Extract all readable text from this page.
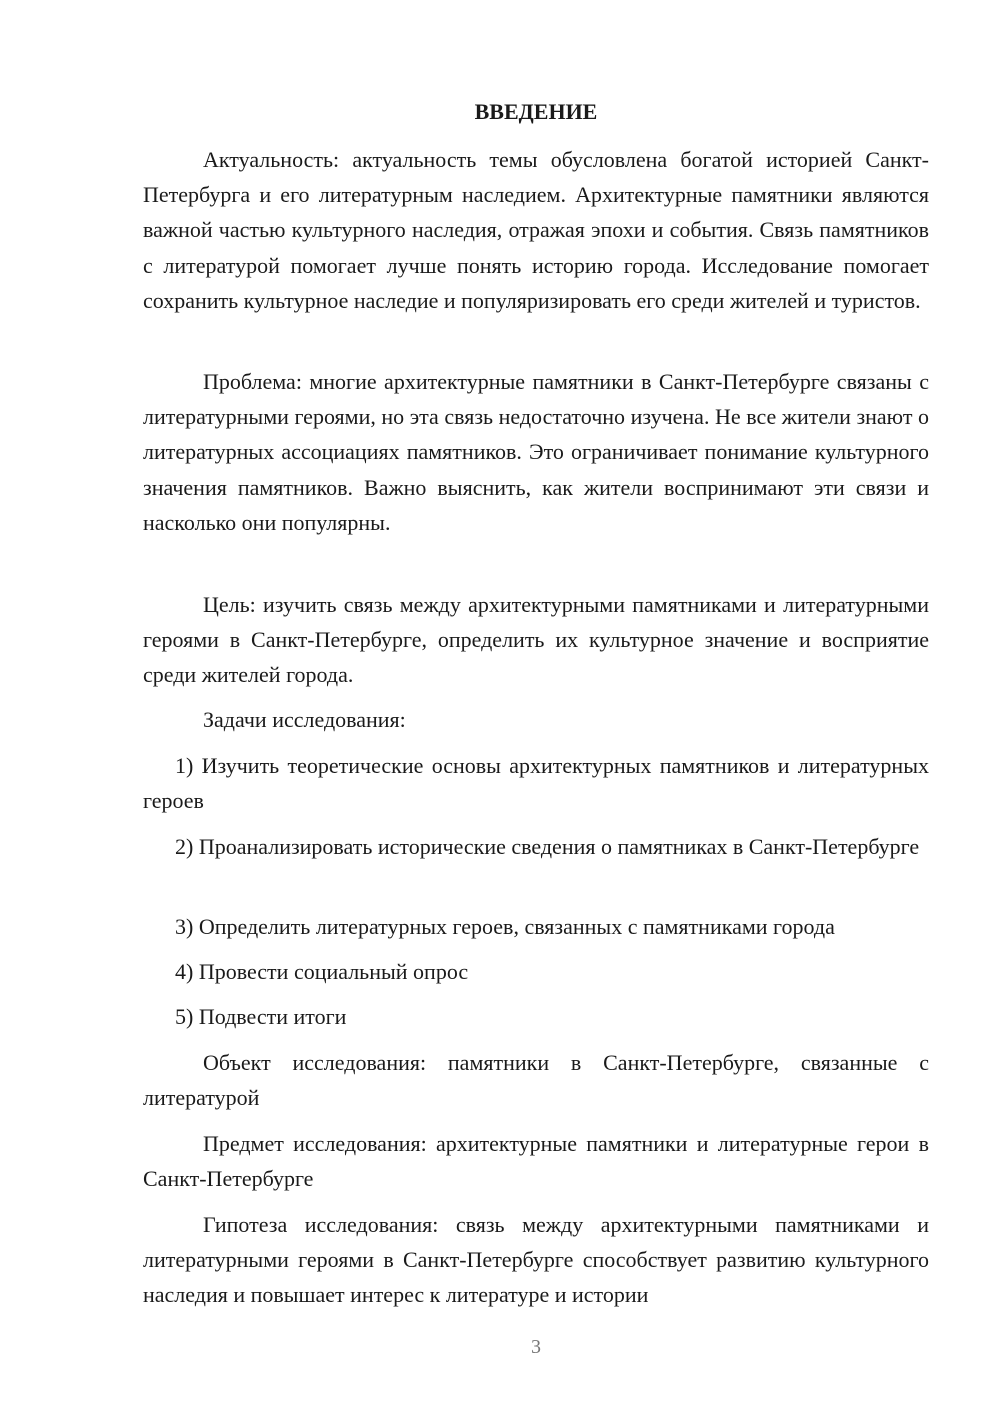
ВВЕДЕНИЕ

Актуальность: актуальность темы обусловлена богатой историей Санкт-Петербурга и его литературным наследием. Архитектурные памятники являются важной частью культурного наследия, отражая эпохи и события. Связь памятников с литературой помогает лучше понять историю города. Исследование помогает сохранить культурное наследие и популяризировать его среди жителей и туристов.

Проблема: многие архитектурные памятники в Санкт-Петербурге связаны с литературными героями, но эта связь недостаточно изучена. Не все жители знают о литературных ассоциациях памятников. Это ограничивает понимание культурного значения памятников. Важно выяснить, как жители воспринимают эти связи и насколько они популярны.

Цель: изучить связь между архитектурными памятниками и литературными героями в Санкт-Петербурге, определить их культурное значение и восприятие среди жителей города.

Задачи исследования:

1) Изучить теоретические основы архитектурных памятников и литературных героев

2) Проанализировать исторические сведения о памятниках в Санкт-Петербурге

3) Определить литературных героев, связанных с памятниками города

4) Провести социальный опрос

5) Подвести итоги

Объект исследования: памятники в Санкт-Петербурге, связанные с литературой

Предмет исследования: архитектурные памятники и литературные герои в Санкт-Петербурге

Гипотеза исследования: связь между архитектурными памятниками и литературными героями в Санкт-Петербурге способствует развитию культурного наследия и повышает интерес к литературе и истории

3
